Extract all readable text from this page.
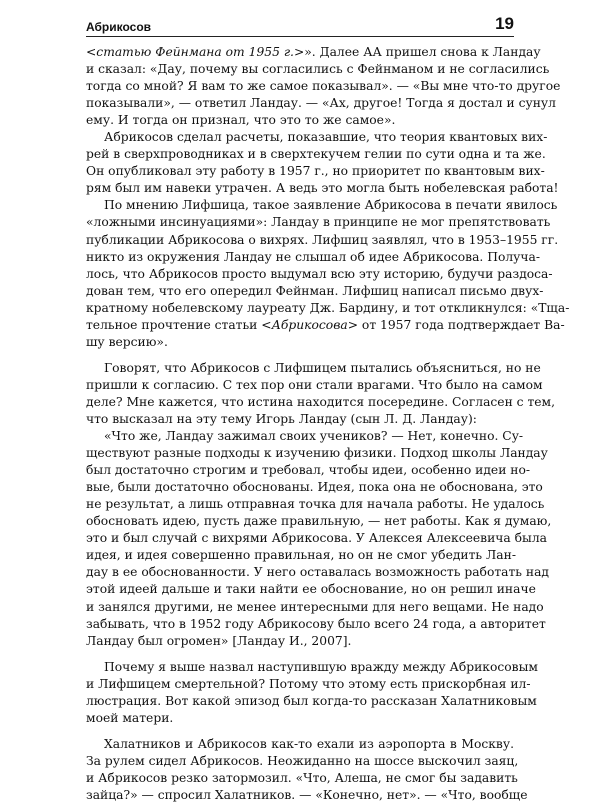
Абрикосов	19

<статью Фейнмана от 1955 г.>». Далее АА пришел снова к Ландау
и сказал: «Дау, почему вы согласились с Фейнманом и не согласились
тогда со мной? Я вам то же самое показывал». — «Вы мне что-то другое
показывали», — ответил Ландау. — «Ах, другое! Тогда я достал и сунул
ему. И тогда он признал, что это то же самое».

Абрикосов сделал расчеты, показавшие, что теория квантовых вих-
рей в сверхпроводниках и в сверхтекучем гелии по сути одна и та же.
Он опубликовал эту работу в 1957 г., но приоритет по квантовым вих-
рям был им навеки утрачен. А ведь это могла быть нобелевская работа!

По мнению Лифшица, такое заявление Абрикосова в печати явилось
«ложными инсинуациями»: Ландау в принципе не мог препятствовать
публикации Абрикосова о вихрях. Лифшиц заявлял, что в 1953–1955 гг.
никто из окружения Ландау не слышал об идее Абрикосова. Получа-
лось, что Абрикосов просто выдумал всю эту историю, будучи раздоса-
дован тем, что его опередил Фейнман. Лифшиц написал письмо двух-
кратному нобелевскому лауреату Дж. Бардину, и тот откликнулся: «Тща-
тельное прочтение статьи <Абрикосова> от 1957 года подтверждает Ва-
шу версию».

Говорят, что Абрикосов с Лифшицем пытались объясниться, но не
пришли к согласию. С тех пор они стали врагами. Что было на самом
деле? Мне кажется, что истина находится посередине. Согласен с тем,
что высказал на эту тему Игорь Ландау (сын Л. Д. Ландау):

«Что же, Ландау зажимал своих учеников? — Нет, конечно. Су-
ществуют разные подходы к изучению физики. Подход школы Ландау
был достаточно строгим и требовал, чтобы идеи, особенно идеи но-
вые, были достаточно обоснованы. Идея, пока она не обоснована, это
не результат, а лишь отправная точка для начала работы. Не удалось
обосновать идею, пусть даже правильную, — нет работы. Как я думаю,
это и был случай с вихрями Абрикосова. У Алексея Алексеевича была
идея, и идея совершенно правильная, но он не смог убедить Лан-
дау в ее обоснованности. У него оставалась возможность работать над
этой идеей дальше и таки найти ее обоснование, но он решил иначе
и занялся другими, не менее интересными для него вещами. Не надо
забывать, что в 1952 году Абрикосову было всего 24 года, а авторитет
Ландау был огромен» [Ландау И., 2007].

Почему я выше назвал наступившую вражду между Абрикосовым
и Лифшицем смертельной? Потому что этому есть прискорбная ил-
люстрация. Вот какой эпизод был когда-то рассказан Халатниковым
моей матери.

Халатников и Абрикосов как-то ехали из аэропорта в Москву.
За рулем сидел Абрикосов. Неожиданно на шоссе выскочил заяц,
и Абрикосов резко затормозил. «Что, Алеша, не смог бы задавить
зайца?» — спросил Халатников. — «Конечно, нет». — «Что, вообще
